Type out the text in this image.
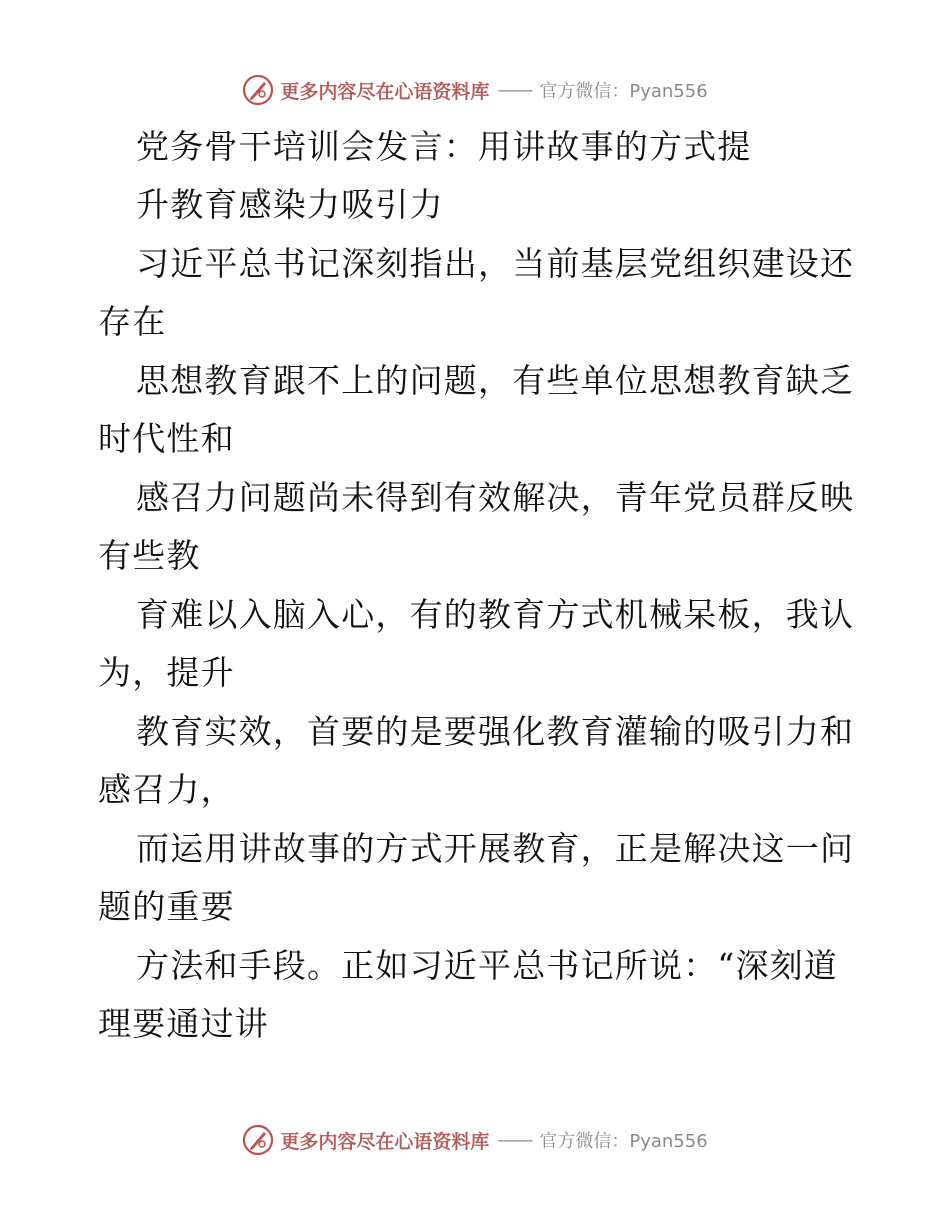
更多内容尽在心语资料库 —— 官方微信：Pyan556
党务骨干培训会发言：用讲故事的方式提
升教育感染力吸引力
习近平总书记深刻指出，当前基层党组织建设还
存在
思想教育跟不上的问题，有些单位思想教育缺乏
时代性和
感召力问题尚未得到有效解决，青年党员群反映
有些教
育难以入脑入心，有的教育方式机械呆板，我认
为，提升
教育实效，首要的是要强化教育灌输的吸引力和
感召力，
而运用讲故事的方式开展教育，正是解决这一问
题的重要
方法和手段。正如习近平总书记所说：“深刻道
理要通过讲
更多内容尽在心语资料库 —— 官方微信：Pyan556
